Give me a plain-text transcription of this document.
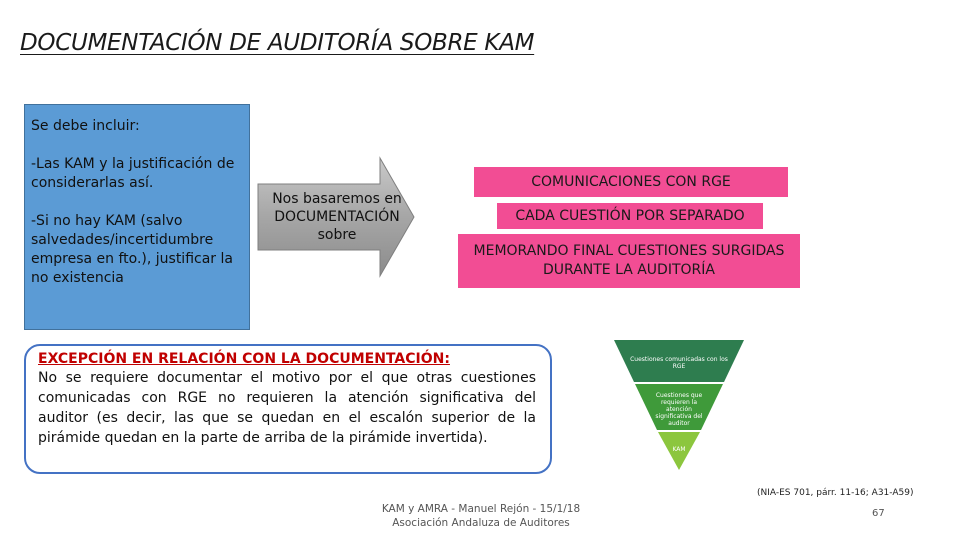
DOCUMENTACIÓN DE AUDITORÍA SOBRE KAM

Se debe incluir:

-Las KAM y la justificación de considerarlas así.

-Si no hay KAM (salvo salvedades/incertidumbre empresa en fto.), justificar la no existencia

Nos basaremos en
DOCUMENTACIÓN
sobre
COMUNICACIONES CON RGE
CADA CUESTIÓN POR SEPARADO
MEMORANDO FINAL CUESTIONES SURGIDAS
DURANTE LA AUDITORÍA
EXCEPCIÓN EN RELACIÓN CON LA DOCUMENTACIÓN:
No se requiere documentar el motivo por el que otras cuestiones comunicadas con RGE no requieren la atención significativa del auditor (es decir, las que se quedan en el escalón superior de la pirámide quedan en la parte de arriba de la pirámide invertida).
Cuestiones comunicadas con los RGE
Cuestiones que requieren la atención significativa del auditor
KAM
(NIA-ES 701, párr. 11-16; A31-A59)
KAM y AMRA - Manuel Rejón - 15/1/18
Asociación Andaluza de Auditores
67
